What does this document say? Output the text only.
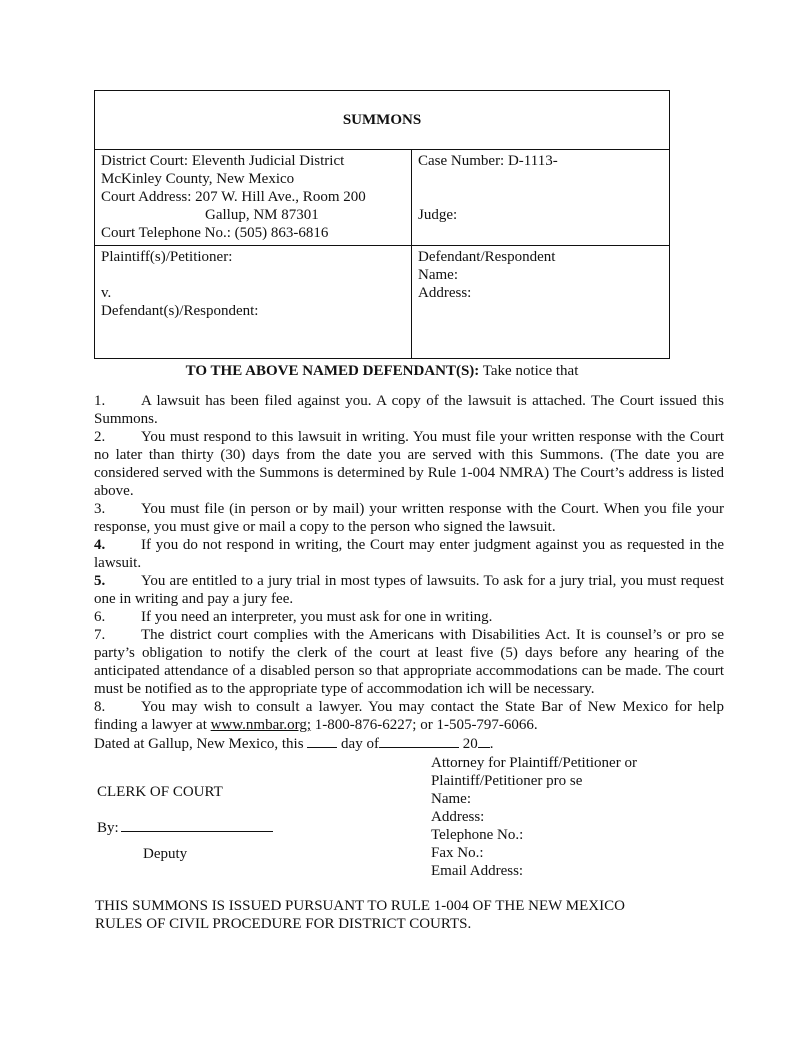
SUMMONS
District Court: Eleventh Judicial District
McKinley County, New Mexico
Court Address: 207 W. Hill Ave., Room 200
Gallup, NM 87301
Court Telephone No.: (505) 863-6816
Case Number: D-1113-
Judge:
Plaintiff(s)/Petitioner:
v.
Defendant(s)/Respondent:
Defendant/Respondent
Name:
Address:
TO THE ABOVE NAMED DEFENDANT(S): Take notice that
1. A lawsuit has been filed against you. A copy of the lawsuit is attached. The Court issued this Summons.
2. You must respond to this lawsuit in writing. You must file your written response with the Court no later than thirty (30) days from the date you are served with this Summons. (The date you are considered served with the Summons is determined by Rule 1-004 NMRA) The Court’s address is listed above.
3. You must file (in person or by mail) your written response with the Court. When you file your response, you must give or mail a copy to the person who signed the lawsuit.
4. If you do not respond in writing, the Court may enter judgment against you as requested in the lawsuit.
5. You are entitled to a jury trial in most types of lawsuits. To ask for a jury trial, you must request one in writing and pay a jury fee.
6. If you need an interpreter, you must ask for one in writing.
7. The district court complies with the Americans with Disabilities Act. It is counsel’s or pro se party’s obligation to notify the clerk of the court at least five (5) days before any hearing of the anticipated attendance of a disabled person so that appropriate accommodations can be made. The court must be notified as to the appropriate type of accommodation ich will be necessary.
8. You may wish to consult a lawyer. You may contact the State Bar of New Mexico for help finding a lawyer at www.nmbar.org; 1-800-876-6227; or 1-505-797-6066.
Dated at Gallup, New Mexico, this	day of	20 .
Attorney for Plaintiff/Petitioner or
Plaintiff/Petitioner pro se
Name:
Address:
Telephone No.:
Fax No.:
Email Address:
CLERK OF COURT
By:
Deputy
THIS SUMMONS IS ISSUED PURSUANT TO RULE 1-004 OF THE NEW MEXICO
RULES OF CIVIL PROCEDURE FOR DISTRICT COURTS.
